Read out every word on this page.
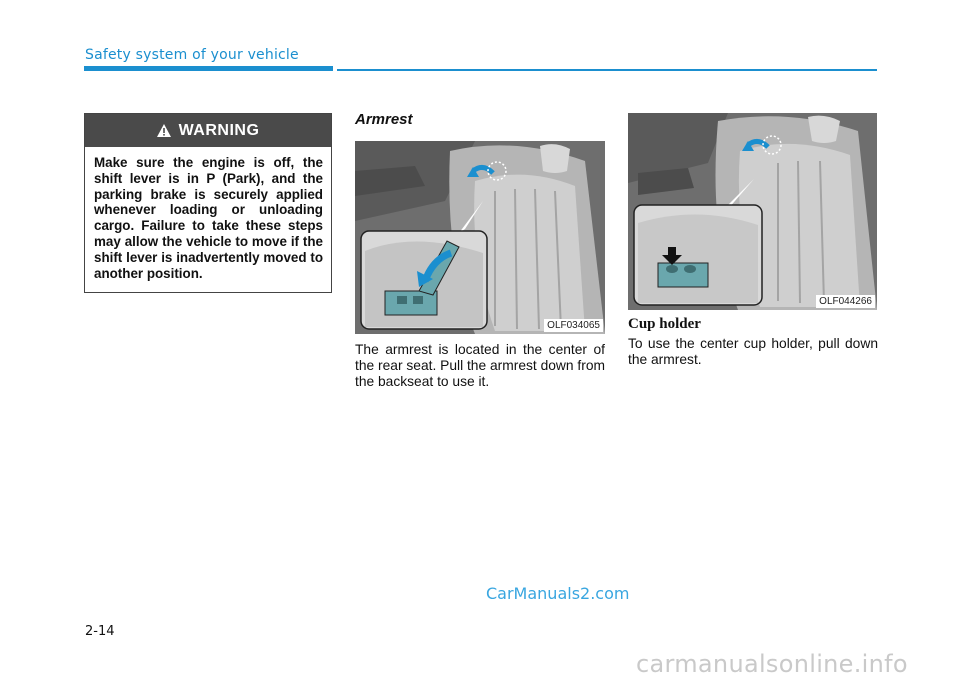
Safety system of your vehicle
WARNING
Make sure the engine is off, the shift lever is in P (Park), and the parking brake is securely applied whenever loading or unloading cargo. Failure to take these steps may allow the vehicle to move if the shift lever is inadvertently moved to another position.
Armrest
OLF034065
The armrest is located in the center of the rear seat. Pull the armrest down from the backseat to use it.
OLF044266
Cup holder
To use the center cup holder, pull down the armrest.
2-14
CarManuals2.com
carmanualsonline.info
